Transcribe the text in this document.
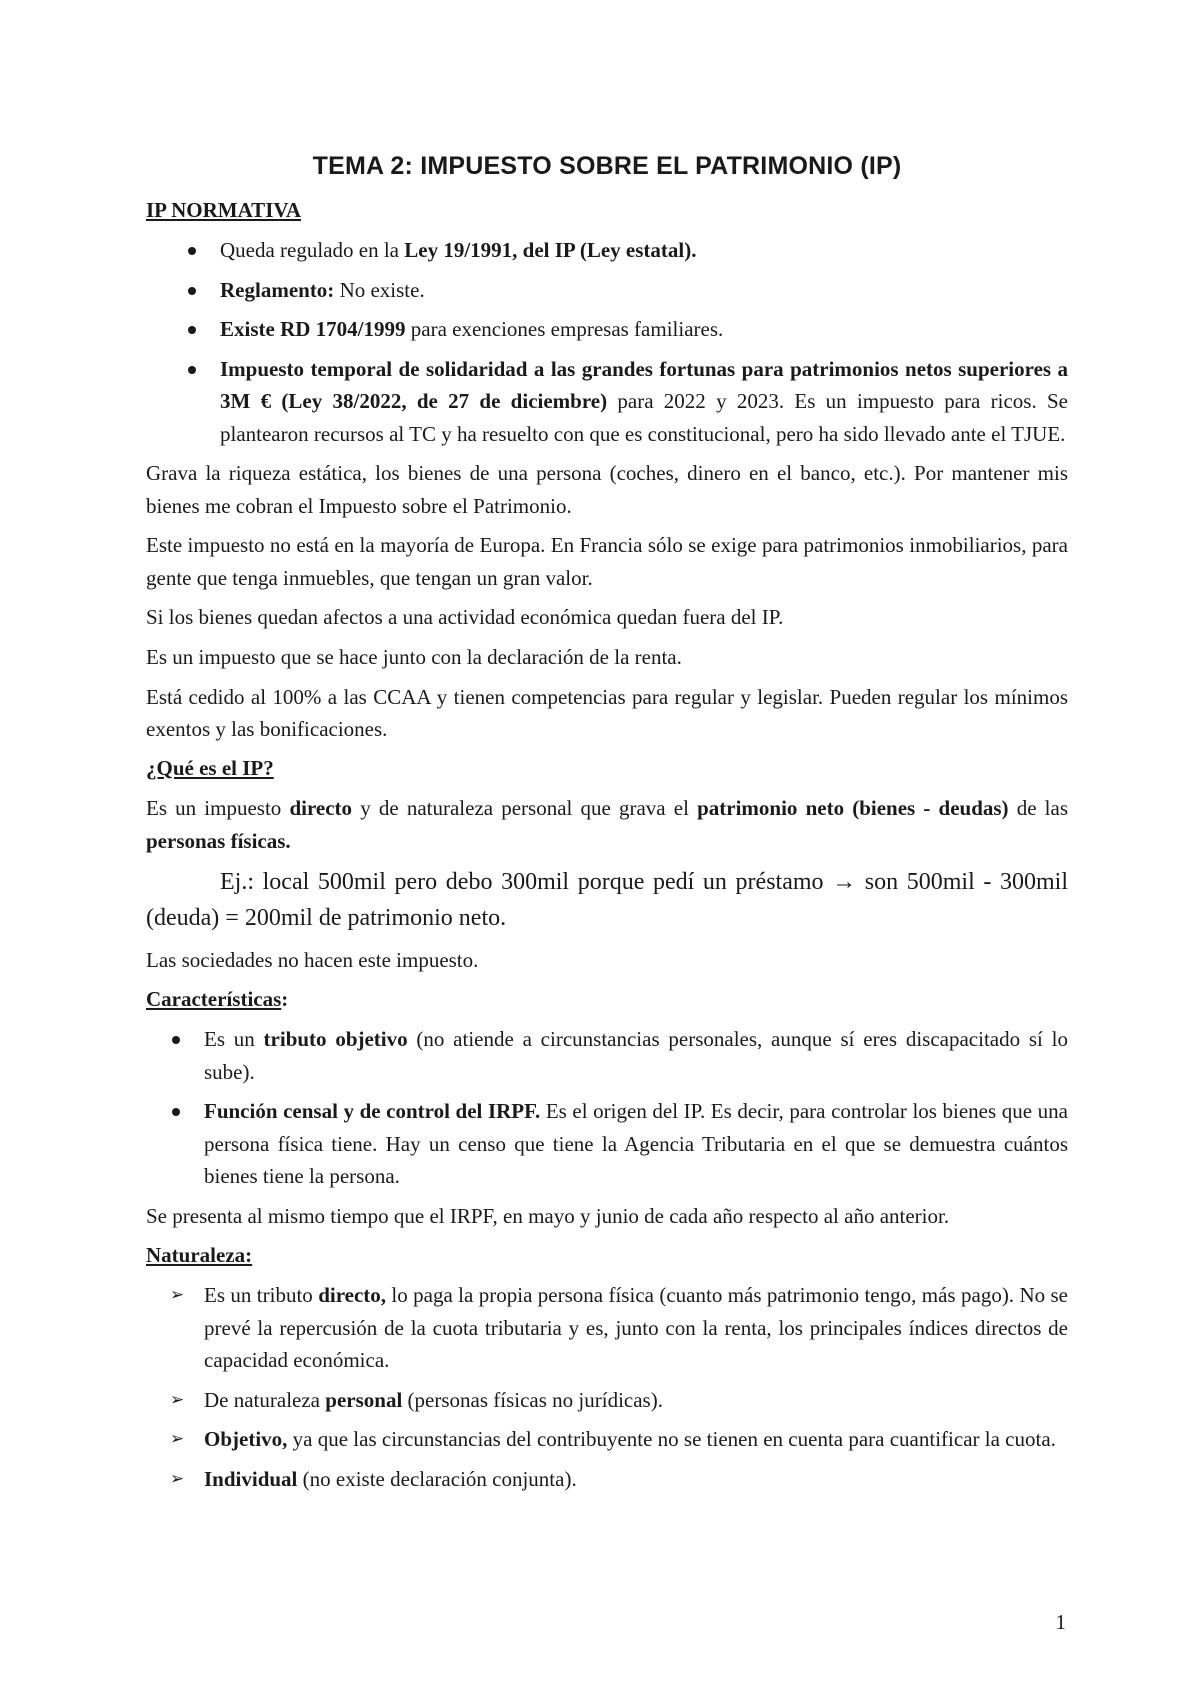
TEMA 2: IMPUESTO SOBRE EL PATRIMONIO (IP)
IP NORMATIVA
Queda regulado en la Ley 19/1991, del IP (Ley estatal).
Reglamento: No existe.
Existe RD 1704/1999 para exenciones empresas familiares.
Impuesto temporal de solidaridad a las grandes fortunas para patrimonios netos superiores a 3M € (Ley 38/2022, de 27 de diciembre) para 2022 y 2023. Es un impuesto para ricos. Se plantearon recursos al TC y ha resuelto con que es constitucional, pero ha sido llevado ante el TJUE.

Grava la riqueza estática, los bienes de una persona (coches, dinero en el banco, etc.). Por mantener mis bienes me cobran el Impuesto sobre el Patrimonio.

Este impuesto no está en la mayoría de Europa. En Francia sólo se exige para patrimonios inmobiliarios, para gente que tenga inmuebles, que tengan un gran valor.

Si los bienes quedan afectos a una actividad económica quedan fuera del IP.

Es un impuesto que se hace junto con la declaración de la renta.

Está cedido al 100% a las CCAA y tienen competencias para regular y legislar. Pueden regular los mínimos exentos y las bonificaciones.

¿Qué es el IP?

Es un impuesto directo y de naturaleza personal que grava el patrimonio neto (bienes - deudas) de las personas físicas.

Ej.: local 500mil pero debo 300mil porque pedí un préstamo → son 500mil - 300mil (deuda) = 200mil de patrimonio neto.

Las sociedades no hacen este impuesto.

Características:
Es un tributo objetivo (no atiende a circunstancias personales, aunque sí eres discapacitado sí lo sube).
Función censal y de control del IRPF. Es el origen del IP. Es decir, para controlar los bienes que una persona física tiene. Hay un censo que tiene la Agencia Tributaria en el que se demuestra cuántos bienes tiene la persona.

Se presenta al mismo tiempo que el IRPF, en mayo y junio de cada año respecto al año anterior.

Naturaleza:
➢ Es un tributo directo, lo paga la propia persona física (cuanto más patrimonio tengo, más pago). No se prevé la repercusión de la cuota tributaria y es, junto con la renta, los principales índices directos de capacidad económica.
➢ De naturaleza personal (personas físicas no jurídicas).
➢ Objetivo, ya que las circunstancias del contribuyente no se tienen en cuenta para cuantificar la cuota.
➢ Individual (no existe declaración conjunta).
1
